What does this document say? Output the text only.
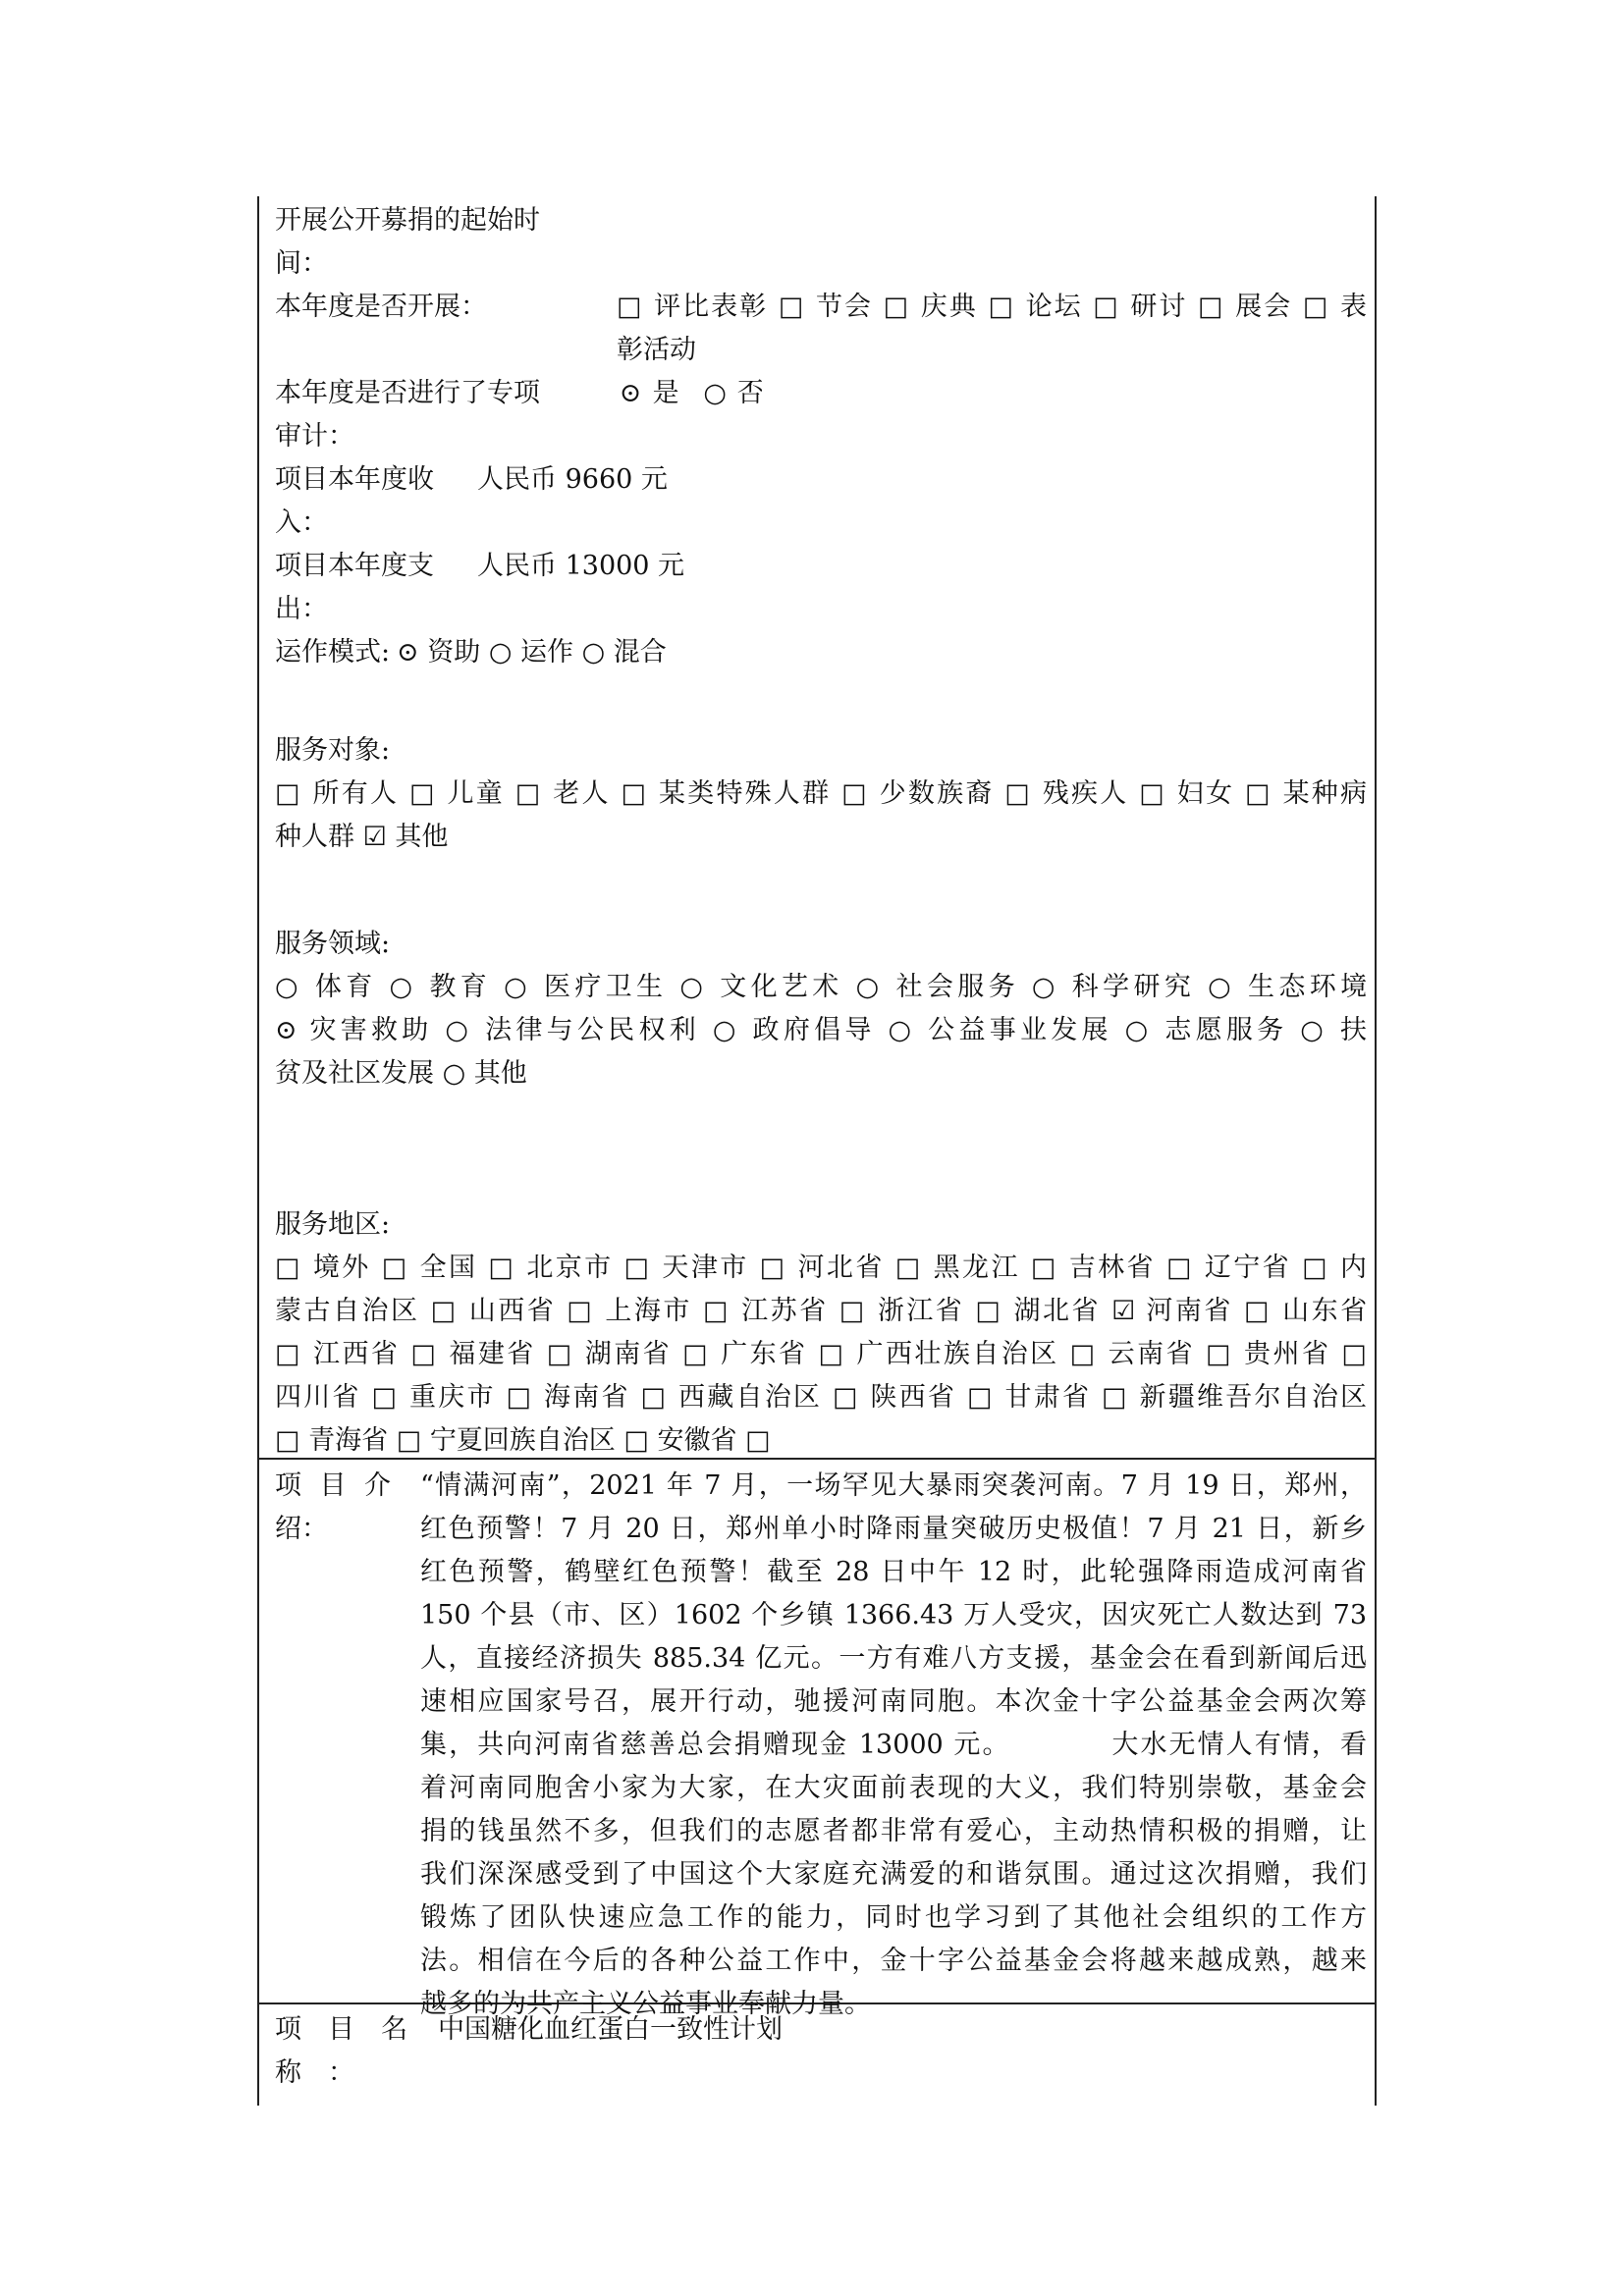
开展公开募捐的起始时
间：
本年度是否开展：	□ 评比表彰 □ 节会 □ 庆典 □ 论坛 □ 研讨 □ 展会 □ 表
彰活动
本年度是否进行了专项	⊙ 是 ○ 否
审计：
项目本年度收 人民币 9660 元
入：
项目本年度支 人民币 13000 元
出：
运作模式: ⊙ 资助 ○ 运作 ○ 混合
服务对象:
□ 所有人 □ 儿童 □ 老人 □ 某类特殊人群 □ 少数族裔 □ 残疾人 □ 妇女 □ 某种病
种人群 ☑ 其他
服务领域:
○ 体育 ○ 教育 ○ 医疗卫生 ○ 文化艺术 ○ 社会服务 ○ 科学研究 ○ 生态环境
⊙ 灾害救助 ○ 法律与公民权利 ○ 政府倡导 ○ 公益事业发展 ○ 志愿服务 ○ 扶
贫及社区发展 ○ 其他
服务地区:
□ 境外 □ 全国 □ 北京市 □ 天津市 □ 河北省 □ 黑龙江 □ 吉林省 □ 辽宁省 □ 内
蒙古自治区 □ 山西省 □ 上海市 □ 江苏省 □ 浙江省 □ 湖北省 ☑ 河南省 □ 山东省
□ 江西省 □ 福建省 □ 湖南省 □ 广东省 □ 广西壮族自治区 □ 云南省 □ 贵州省 □
四川省 □ 重庆市 □ 海南省 □ 西藏自治区 □ 陕西省 □ 甘肃省 □ 新疆维吾尔自治区
□ 青海省 □ 宁夏回族自治区 □ 安徽省 □
项 目 介
绍：
“情满河南”，2021 年 7 月，一场罕见大暴雨突袭河南。7 月 19 日，郑州，
红色预警！7 月 20 日，郑州单小时降雨量突破历史极值！7 月 21 日，新乡
红色预警，鹤壁红色预警！截至 28 日中午 12 时，此轮强降雨造成河南省
150 个县（市、区）1602 个乡镇 1366.43 万人受灾，因灾死亡人数达到 73
人，直接经济损失 885.34 亿元。一方有难八方支援，基金会在看到新闻后迅
速相应国家号召，展开行动，驰援河南同胞。本次金十字公益基金会两次筹
集，共向河南省慈善总会捐赠现金 13000 元。　　　　大水无情人有情，看
着河南同胞舍小家为大家，在大灾面前表现的大义，我们特别崇敬，基金会
捐的钱虽然不多，但我们的志愿者都非常有爱心，主动热情积极的捐赠，让
我们深深感受到了中国这个大家庭充满爱的和谐氛围。通过这次捐赠，我们
锻炼了团队快速应急工作的能力，同时也学习到了其他社会组织的工作方
法。相信在今后的各种公益工作中，金十字公益基金会将越来越成熟，越来
越多的为共产主义公益事业奉献力量。
项　目　名 中国糖化血红蛋白一致性计划
称　：
